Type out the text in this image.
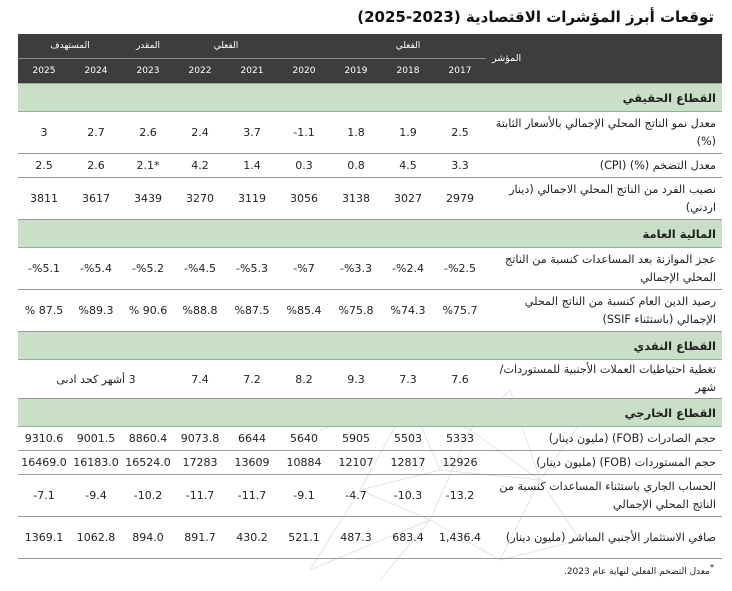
توقعات أبرز المؤشرات الاقتصادية (2023-2025)
المؤشر	الفعلي				الفعلي		المقدر	المستهدف	
	2017	2018	2019	2020	2021	2022	2023	2024	2025
القطاع الحقيقي									
معدل نمو الناتج المحلي الإجمالي بالأسعار الثابتة (%)	2.5	1.9	1.8	1.1-	3.7	2.4	2.6	2.7	3
معدل التضخم (%) (CPI)	3.3	4.5	0.8	0.3	1.4	4.2	*2.1	2.6	2.5
نصيب الفرد من الناتج المحلي الاجمالي (دينار اردني)	2979	3027	3138	3056	3119	3270	3439	3617	3811
المالية العامة									
عجز الموازنة بعد المساعدات كنسبة من الناتج المحلي الإجمالي	%2.5-	%2.4-	%3.3-	%7-	%5.3-	%4.5-	%5.2-	%5.4-	%5.1-
رصيد الدين العام كنسبة من الناتج المحلي الإجمالي (باستثناء SSIF)	%75.7	%74.3	%75.8	%85.4	%87.5	%88.8	90.6 %	%89.3	87.5 %
القطاع النقدي									
تغطية احتياطيات العملات الأجنبية للمستوردات/ شهر	7.6	7.3	9.3	8.2	7.2	7.4	3 أشهر كحد ادنى		
القطاع الخارجي									
حجم الصادرات (FOB) (مليون دينار)	5333	5503	5905	5640	6644	9073.8	8860.4	9001.5	9310.6
حجم المستوردات (FOB) (مليون دينار)	12926	12817	12107	10884	13609	17283	16524.0	16183.0	16469.0
الحساب الجاري باستثناء المساعدات كنسبة من الناتج المحلي الإجمالي	13.2-	10.3-	4.7-	9.1-	11.7-	11.7-	10.2-	9.4-	7.1-
صافي الاستثمار الأجنبي المباشر (مليون دينار)	1,436.4	683.4	487.3	521.1	430.2	891.7	894.0	1062.8	1369.1
*معدل التضخم الفعلي لنهاية عام 2023.
